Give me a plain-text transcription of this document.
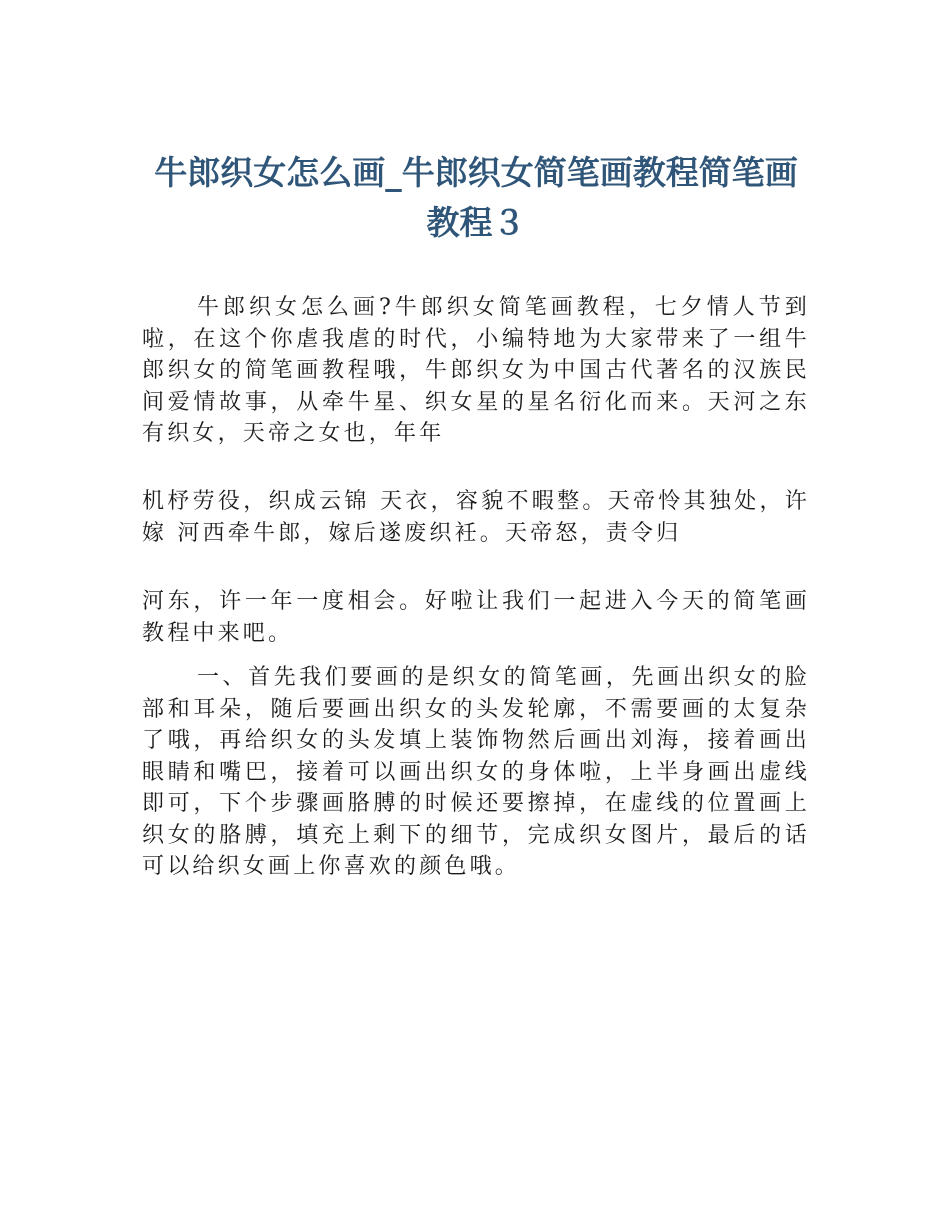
牛郎织女怎么画_牛郎织女简笔画教程简笔画教程３

牛郎织女怎么画?牛郎织女简笔画教程，七夕情人节到啦，在这个你虐我虐的时代，小编特地为大家带来了一组牛郎织女的简笔画教程哦，牛郎织女为中国古代著名的汉族民间爱情故事，从牵牛星、织女星的星名衍化而来。天河之东有织女，天帝之女也，年年

机杼劳役，织成云锦 天衣，容貌不暇整。天帝怜其独处，许嫁 河西牵牛郎，嫁后遂废织衽。天帝怒，责令归

河东，许一年一度相会。好啦让我们一起进入今天的简笔画教程中来吧。

一、首先我们要画的是织女的简笔画，先画出织女的脸部和耳朵，随后要画出织女的头发轮廓，不需要画的太复杂了哦，再给织女的头发填上装饰物然后画出刘海，接着画出眼睛和嘴巴，接着可以画出织女的身体啦，上半身画出虚线即可，下个步骤画胳膊的时候还要擦掉，在虚线的位置画上织女的胳膊，填充上剩下的细节，完成织女图片，最后的话可以给织女画上你喜欢的颜色哦。
